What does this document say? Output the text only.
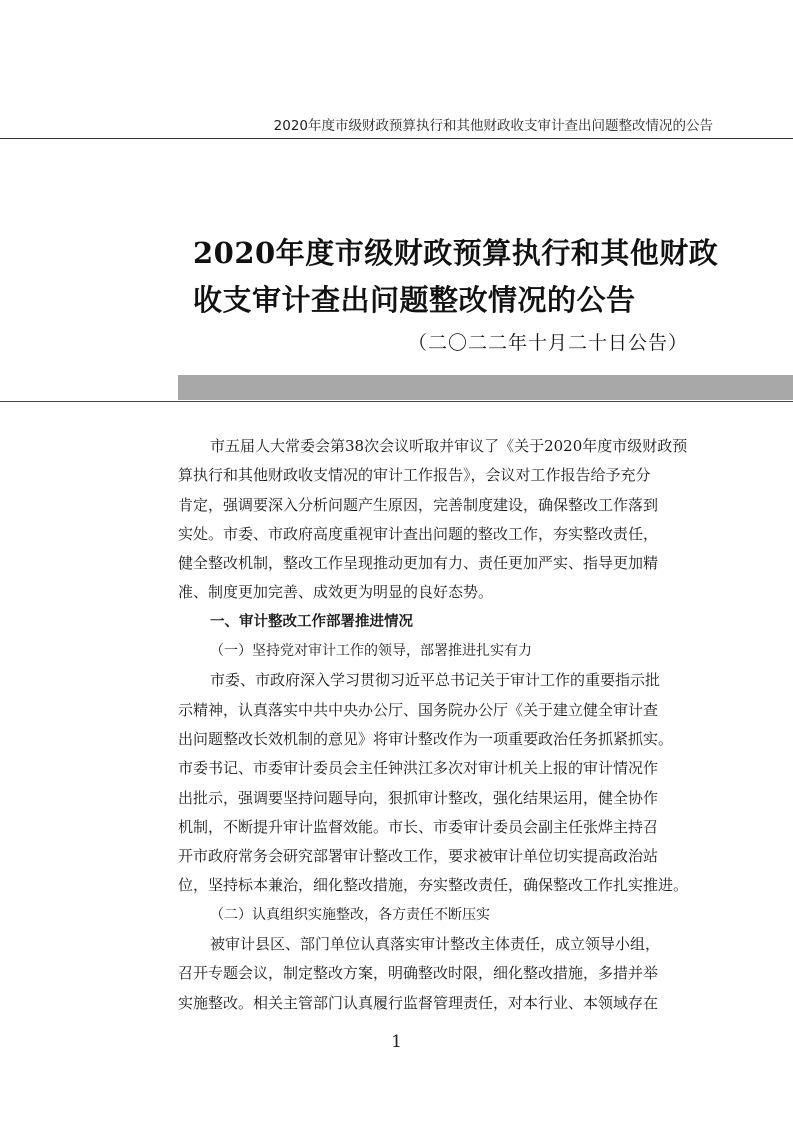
2020年度市级财政预算执行和其他财政收支审计查出问题整改情况的公告
2020年度市级财政预算执行和其他财政
收支审计查出问题整改情况的公告
（二〇二二年十月二十日公告）
市五届人大常委会第38次会议听取并审议了《关于2020年度市级财政预
算执行和其他财政收支情况的审计工作报告》，会议对工作报告给予充分
肯定，强调要深入分析问题产生原因，完善制度建设，确保整改工作落到
实处。市委、市政府高度重视审计查出问题的整改工作，夯实整改责任，
健全整改机制，整改工作呈现推动更加有力、责任更加严实、指导更加精
准、制度更加完善、成效更为明显的良好态势。
一、审计整改工作部署推进情况
（一）坚持党对审计工作的领导，部署推进扎实有力
市委、市政府深入学习贯彻习近平总书记关于审计工作的重要指示批
示精神，认真落实中共中央办公厅、国务院办公厅《关于建立健全审计查
出问题整改长效机制的意见》将审计整改作为一项重要政治任务抓紧抓实。
市委书记、市委审计委员会主任钟洪江多次对审计机关上报的审计情况作
出批示，强调要坚持问题导向，狠抓审计整改，强化结果运用，健全协作
机制，不断提升审计监督效能。市长、市委审计委员会副主任张烨主持召
开市政府常务会研究部署审计整改工作，要求被审计单位切实提高政治站
位，坚持标本兼治，细化整改措施，夯实整改责任，确保整改工作扎实推进。
（二）认真组织实施整改，各方责任不断压实
被审计县区、部门单位认真落实审计整改主体责任，成立领导小组，
召开专题会议，制定整改方案，明确整改时限，细化整改措施，多措并举
实施整改。相关主管部门认真履行监督管理责任，对本行业、本领域存在
1
